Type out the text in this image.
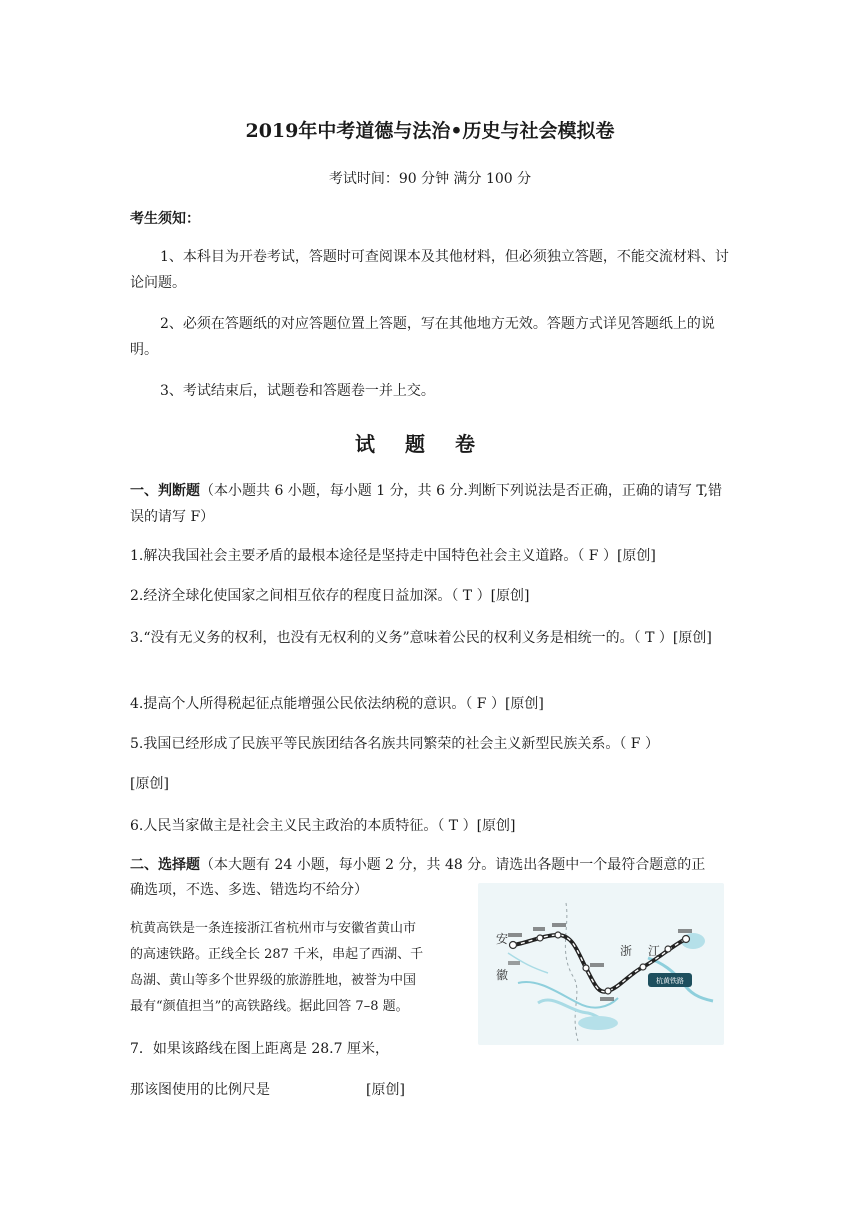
2019年中考道德与法治•历史与社会模拟卷
考试时间：90 分钟 满分 100 分
考生须知：
1、本科目为开卷考试，答题时可查阅课本及其他材料，但必须独立答题，不能交流材料、讨论问题。
2、必须在答题纸的对应答题位置上答题，写在其他地方无效。答题方式详见答题纸上的说明。
3、考试结束后，试题卷和答题卷一并上交。
试题卷
一、判断题（本小题共 6 小题，每小题 1 分，共 6 分.判断下列说法是否正确，正确的请写 T,错误的请写 F）
1.解决我国社会主要矛盾的最根本途径是坚持走中国特色社会主义道路。（ F ）[原创]
2.经济全球化使国家之间相互依存的程度日益加深。（ T ）[原创]
3.“没有无义务的权利，也没有无权利的义务”意味着公民的权利义务是相统一的。（ T ）[原创]
4.提高个人所得税起征点能增强公民依法纳税的意识。（ F ）[原创]
5.我国已经形成了民族平等民族团结各名族共同繁荣的社会主义新型民族关系。（ F ）
[原创]
6.人民当家做主是社会主义民主政治的本质特征。（ T ）[原创]
二、选择题（本大题有 24 小题，每小题 2 分，共 48 分。请选出各题中一个最符合题意的正
确选项，不选、多选、错选均不给分）
杭黄高铁是一条连接浙江省杭州市与安徽省黄山市
的高速铁路。正线全长 287 千米，串起了西湖、千
岛湖、黄山等多个世界级的旅游胜地，被誉为中国
最有“颜值担当”的高铁路线。据此回答 7–8 题。
7．如果该路线在图上距离是 28.7 厘米，
那该图使用的比例尺是	[原创]
安
徽
浙 江
杭黄铁路
